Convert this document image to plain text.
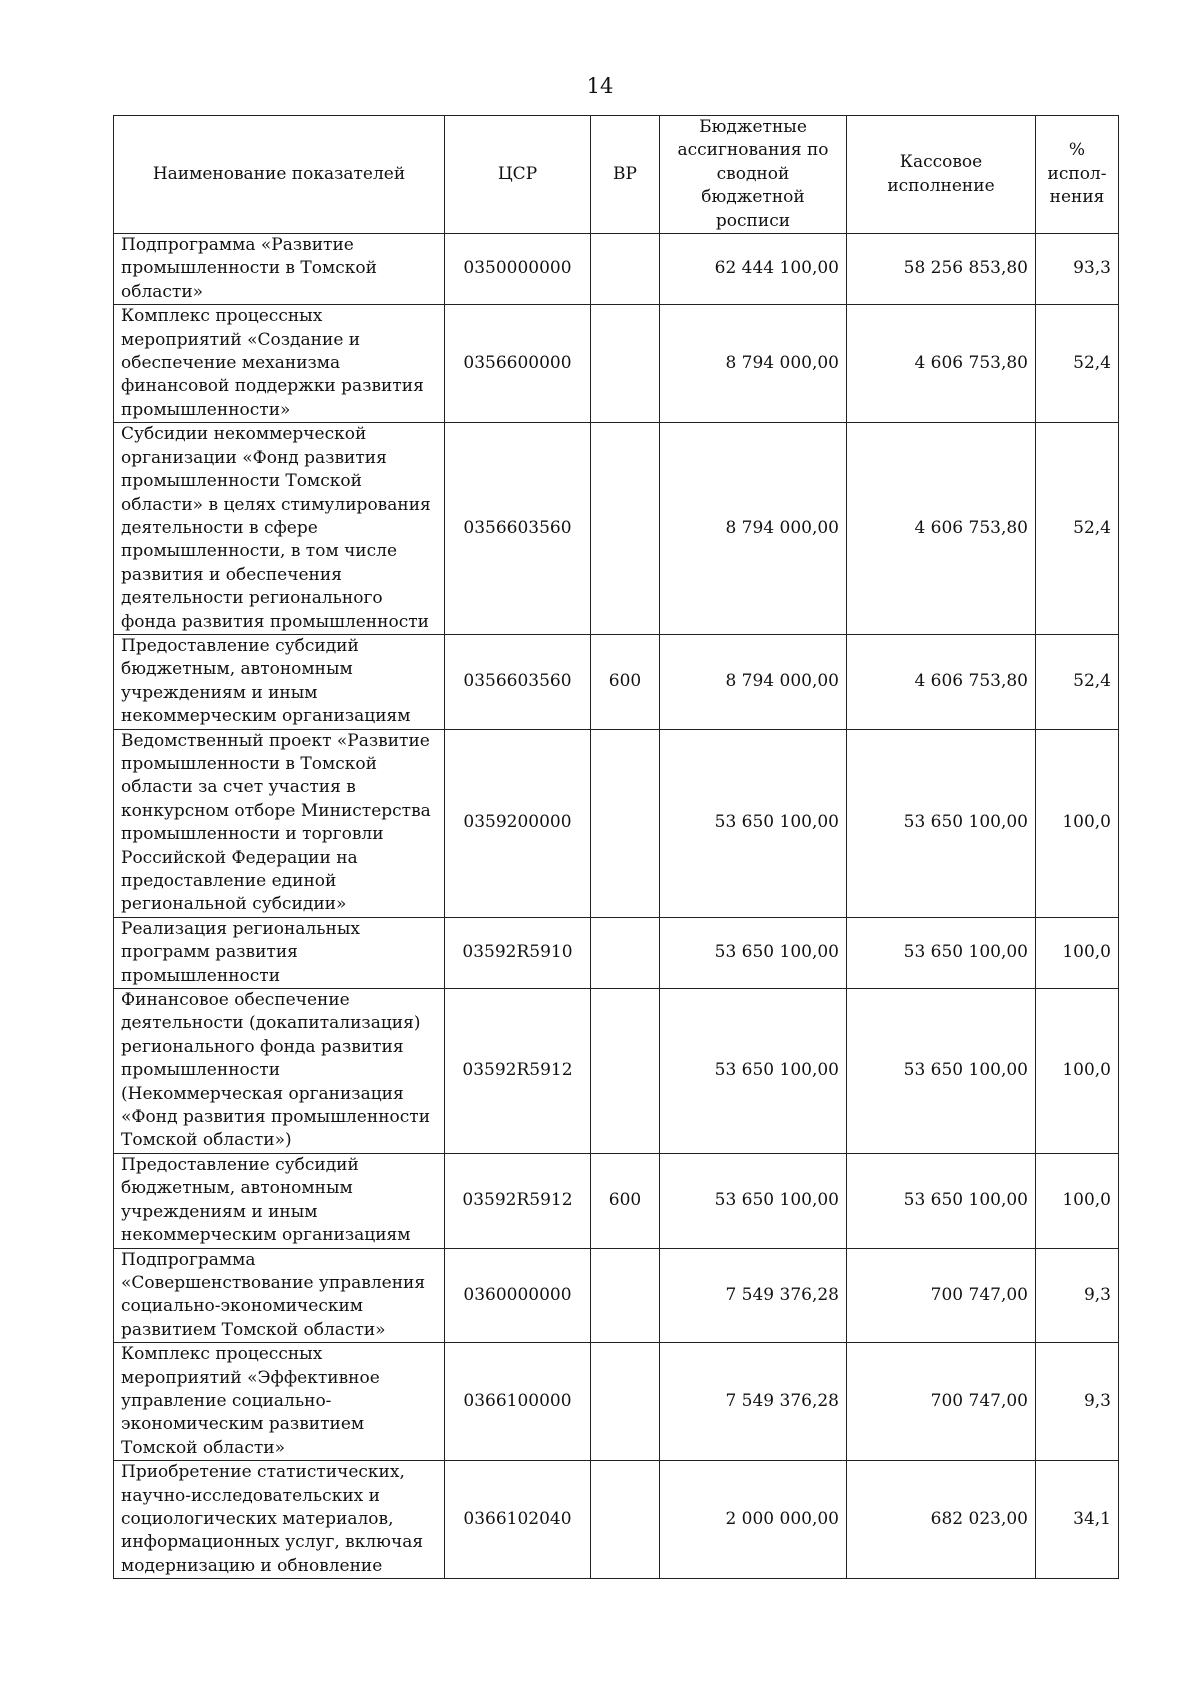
14
Наименование показателей	ЦСР	ВР	Бюджетные ассигнования по сводной бюджетной росписи	Кассовое исполнение	% испол-нения
Подпрограмма «Развитие промышленности в Томской области»	0350000000		62 444 100,00	58 256 853,80	93,3
Комплекс процессных мероприятий «Создание и обеспечение механизма финансовой поддержки развития промышленности»	0356600000		8 794 000,00	4 606 753,80	52,4
Субсидии некоммерческой организации «Фонд развития промышленности Томской области» в целях стимулирования деятельности в сфере промышленности, в том числе развития и обеспечения деятельности регионального фонда развития промышленности	0356603560		8 794 000,00	4 606 753,80	52,4
Предоставление субсидий бюджетным, автономным учреждениям и иным некоммерческим организациям	0356603560	600	8 794 000,00	4 606 753,80	52,4
Ведомственный проект «Развитие промышленности в Томской области за счет участия в конкурсном отборе Министерства промышленности и торговли Российской Федерации на предоставление единой региональной субсидии»	0359200000		53 650 100,00	53 650 100,00	100,0
Реализация региональных программ развития промышленности	03592R5910		53 650 100,00	53 650 100,00	100,0
Финансовое обеспечение деятельности (докапитализация) регионального фонда развития промышленности (Некоммерческая организация «Фонд развития промышленности Томской области»)	03592R5912		53 650 100,00	53 650 100,00	100,0
Предоставление субсидий бюджетным, автономным учреждениям и иным некоммерческим организациям	03592R5912	600	53 650 100,00	53 650 100,00	100,0
Подпрограмма «Совершенствование управления социально-экономическим развитием Томской области»	0360000000		7 549 376,28	700 747,00	9,3
Комплекс процессных мероприятий «Эффективное управление социально-экономическим развитием Томской области»	0366100000		7 549 376,28	700 747,00	9,3
Приобретение статистических, научно-исследовательских и социологических материалов, информационных услуг, включая модернизацию и обновление	0366102040		2 000 000,00	682 023,00	34,1
